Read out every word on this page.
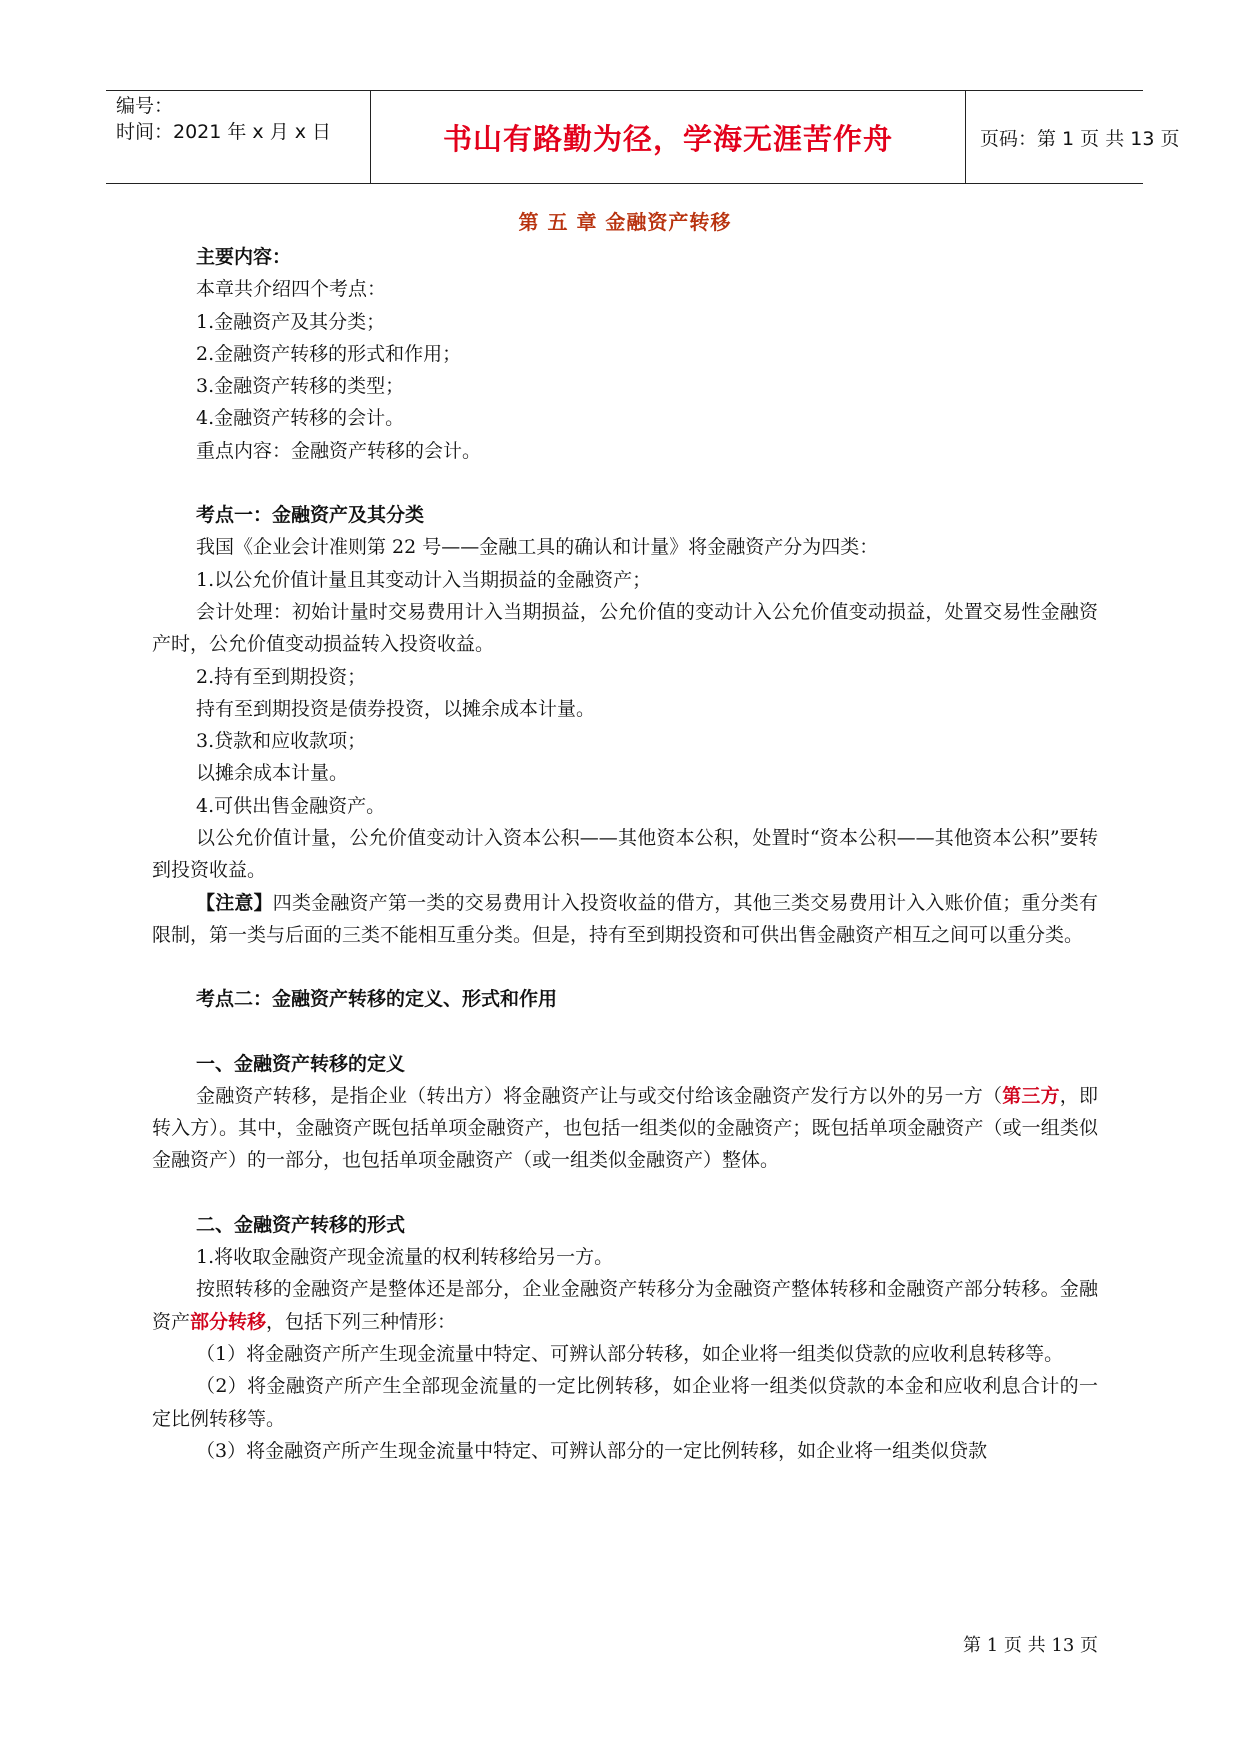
编号：
时间：2021 年 x 月 x 日	书山有路勤为径，学海无涯苦作舟	页码：第 1 页 共 13 页
第 五 章 金融资产转移

主要内容：

本章共介绍四个考点：

1.金融资产及其分类；

2.金融资产转移的形式和作用；

3.金融资产转移的类型；

4.金融资产转移的会计。

重点内容：金融资产转移的会计。

考点一：金融资产及其分类

我国《企业会计准则第 22 号——金融工具的确认和计量》将金融资产分为四类：

1.以公允价值计量且其变动计入当期损益的金融资产；

会计处理：初始计量时交易费用计入当期损益，公允价值的变动计入公允价值变动损益，处置交易性金融资产时，公允价值变动损益转入投资收益。

2.持有至到期投资；

持有至到期投资是债券投资，以摊余成本计量。

3.贷款和应收款项；

以摊余成本计量。

4.可供出售金融资产。

以公允价值计量，公允价值变动计入资本公积——其他资本公积，处置时“资本公积——其他资本公积”要转到投资收益。

【注意】四类金融资产第一类的交易费用计入投资收益的借方，其他三类交易费用计入入账价值；重分类有限制，第一类与后面的三类不能相互重分类。但是，持有至到期投资和可供出售金融资产相互之间可以重分类。

考点二：金融资产转移的定义、形式和作用

一、金融资产转移的定义

金融资产转移，是指企业（转出方）将金融资产让与或交付给该金融资产发行方以外的另一方（第三方，即转入方）。其中，金融资产既包括单项金融资产，也包括一组类似的金融资产；既包括单项金融资产（或一组类似金融资产）的一部分，也包括单项金融资产（或一组类似金融资产）整体。

二、金融资产转移的形式

1.将收取金融资产现金流量的权利转移给另一方。

按照转移的金融资产是整体还是部分，企业金融资产转移分为金融资产整体转移和金融资产部分转移。金融资产部分转移，包括下列三种情形：

（1）将金融资产所产生现金流量中特定、可辨认部分转移，如企业将一组类似贷款的应收利息转移等。

（2）将金融资产所产生全部现金流量的一定比例转移，如企业将一组类似贷款的本金和应收利息合计的一定比例转移等。

（3）将金融资产所产生现金流量中特定、可辨认部分的一定比例转移，如企业将一组类似贷款

第 1 页 共 13 页
